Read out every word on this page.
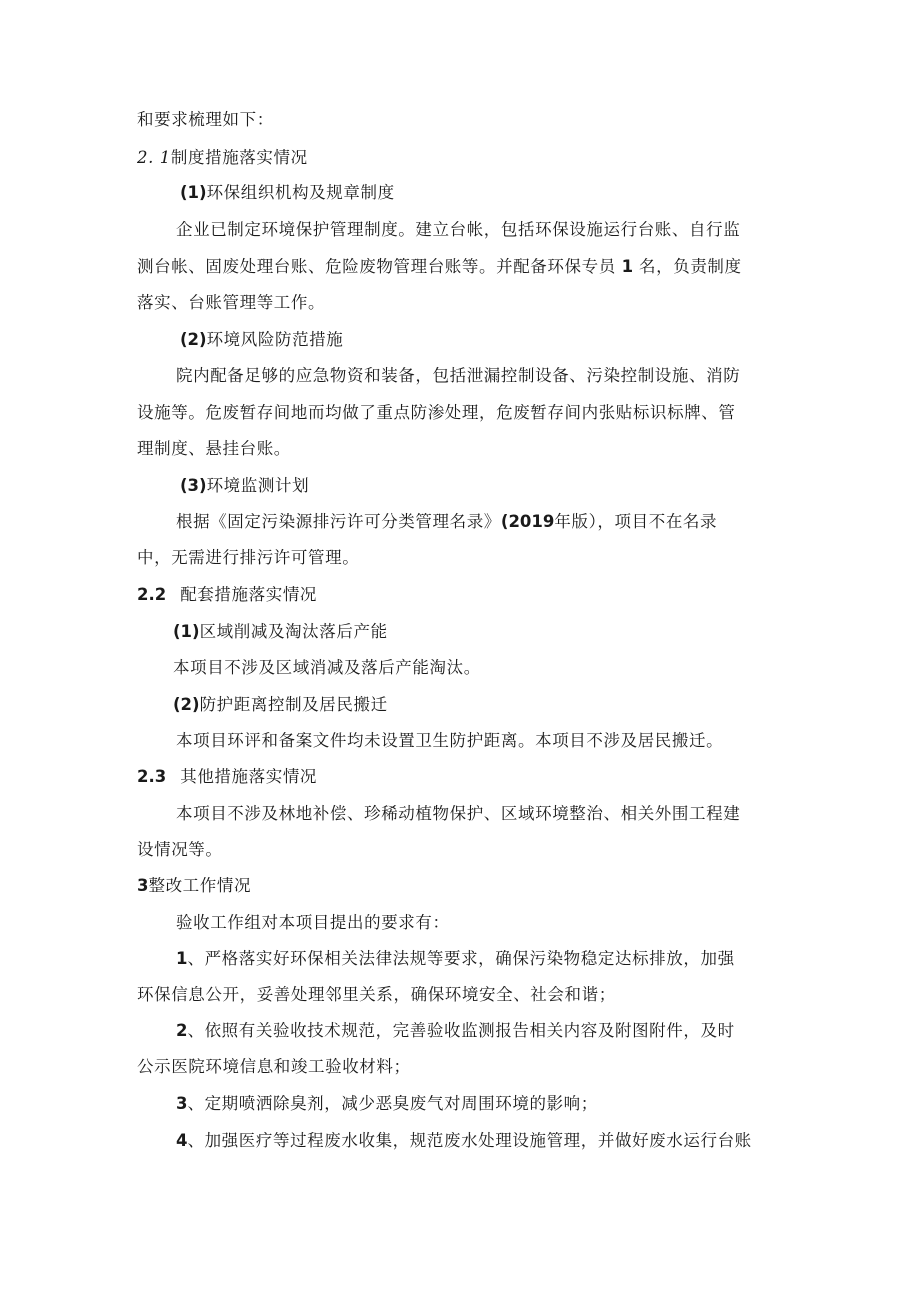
和要求梳理如下：
2. 1制度措施落实情况
(1)环保组织机构及规章制度
企业已制定环境保护管理制度。建立台帐，包括环保设施运行台账、自行监
测台帐、固废处理台账、危险废物管理台账等。并配备环保专员 1 名，负责制度
落实、台账管理等工作。
(2)环境风险防范措施
院内配备足够的应急物资和装备，包括泄漏控制设备、污染控制设施、消防
设施等。危废暂存间地而均做了重点防渗处理，危废暂存间内张贴标识标牌、管
理制度、悬挂台账。
(3)环境监测计划
根据《固定污染源排污许可分类管理名录》(2019年版），项目不在名录
中，无需进行排污许可管理。
2.2 配套措施落实情况
(1)区域削减及淘汰落后产能
本项目不涉及区域消减及落后产能淘汰。
(2)防护距离控制及居民搬迁
本项目环评和备案文件均未设置卫生防护距离。本项目不涉及居民搬迁。
2.3 其他措施落实情况
本项目不涉及林地补偿、珍稀动植物保护、区域环境整治、相关外围工程建
设情况等。
3整改工作情况
验收工作组对本项目提出的要求有：
1、严格落实好环保相关法律法规等要求，确保污染物稳定达标排放，加强
环保信息公开，妥善处理邻里关系，确保环境安全、社会和谐；
2、依照有关验收技术规范，完善验收监测报告相关内容及附图附件，及时
公示医院环境信息和竣工验收材料；
3、定期喷洒除臭剂，减少恶臭废气对周围环境的影响；
4、加强医疗等过程废水收集，规范废水处理设施管理，并做好废水运行台账
